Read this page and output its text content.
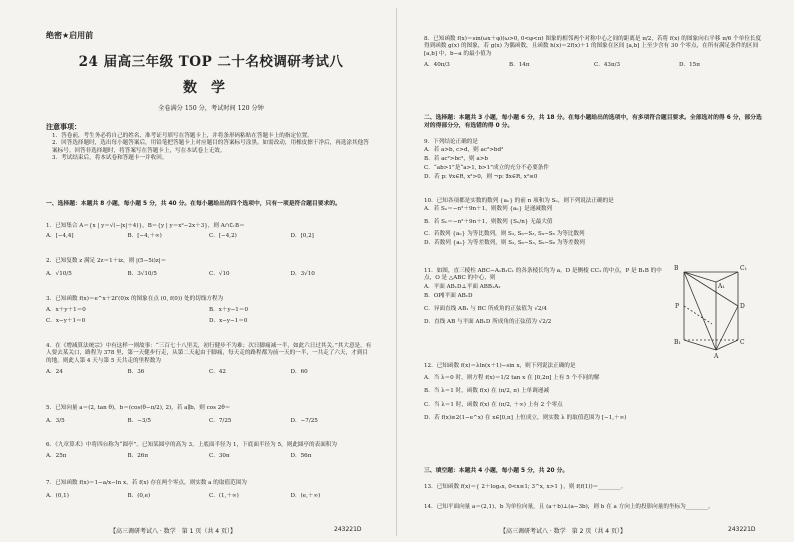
绝密★启用前
24 届高三年级 TOP 二十名校调研考试八
数学
全卷满分 150 分，考试时间 120 分钟
注意事项：
1．答卷前，考生务必将自己的姓名、准考证号填写在答题卡上，并将条形码粘贴在答题卡上的指定位置。
2．回答选择题时，选出每小题答案后，用铅笔把答题卡上对应题目的答案标号涂黑。如需改动，用橡皮擦干净后，再选涂其他答案标号。回答非选择题时，将答案写在答题卡上，写在本试卷上无效。
3．考试结束后，将本试卷和答题卡一并收回。
一、选择题：本题共 8 小题，每小题 5 分，共 40 分。在每小题给出的四个选项中，只有一项是符合题目要求的。
1．已知集合 A＝{x | y＝√(−|x|＋4)}，B＝{y | y＝x²−2x＋3}，则 A∩∁ᵣB＝
A．[−4,4]	B．[−4,＋∞)	C．[−4,2)	D．[0,2]
2．已知复数 z 满足 2z＝1＋iz，则 |(5−5i)z|＝
A．√10/5	B．3√10/5	C．√10	D．3√10
3．已知函数 f(x)＝e^x＋2f′(0)x 的图象在点 (0, f(0)) 处的切线方程为
A．x＋y＋1＝0	B．x＋y−1＝0
C．x−y＋1＝0	D．x−y−1＝0
4．在《增减算法统宗》中有这样一则故事：“三百七十八里关，初行健步不为难；次日脚痛减一半，如此六日过其关。”其大意是，有人要去某关口，路程为 378 里，第一天健步行走，从第二天起由于脚痛，每天走的路程都为前一天的一半，一共走了六天，才到目的地。则此人第 4 天与第 5 天共走的里程数为
A．24	B．36	C．42	D．60
5．已知向量 a＝(2, tan θ)，b＝(cos(θ−π/2), 2)，若 a∥b，则 cos 2θ＝
A．3/5	B．−3/5	C．7/25	D．−7/25
6．《九章算术》中将四台称为“圆亭”。已知某圆亭的高为 3，上底面半径为 1，下底面半径为 5，则此圆亭的表面积为
A．25π	B．26π	C．30π	D．56π
7．已知函数 f(x)＝1−a/x−ln x，若 f(x) 存在两个零点，则实数 a 的取值范围为
A．(0,1)	B．(0,e)	C．(1,＋∞)	D．(e,＋∞)
【高三调研考试八 · 数学　第 1 页（共 4 页）】	243221D
8．已知函数 f(x)＝sin(ωx＋φ)(ω>0, 0<φ<π) 图象的相邻两个对称中心之间的距离是 π/2，若将 f(x) 的图象向右平移 π/6 个单位长度得到函数 g(x) 的图象，若 g(x) 为偶函数，且函数 h(x)＝2f(x)＋1 的图象在区间 [a,b] 上至少含有 30 个零点，在所有满足条件的区间 [a,b] 中，b−a 的最小值为
A．40π/3	B．14π	C．43π/3	D．15π
二、选择题：本题共 3 小题，每小题 6 分，共 18 分。在每小题给出的选项中，有多项符合题目要求。全部选对的得 6 分，部分选对的得部分分，有选错的得 0 分。
9．下列结论正确的是
A．若 a>b, c>d，则 ac²>bd²
B．若 ac²>bc²，则 a>b
C．“ab>1”是“a>1, b>1”成立的充分不必要条件
D．若 p: ∀x∈R, x²>0，则 ¬p: ∃x∈R, x²≤0
10．已知各项都是实数的数列 {aₙ} 的前 n 项和为 Sₙ，则下列说法正确的是
A．若 Sₙ＝−n²＋9n＋1，则数列 {aₙ} 是递减数列
B．若 Sₙ＝−n²＋9n＋1，则数列 {Sₙ/n} 无最大值
C．若数列 {aₙ} 为等比数列，则 S₃, S₆−S₃, S₉−S₆ 为等比数列
D．若数列 {aₙ} 为等差数列，则 S₃, S₆−S₃, S₉−S₆ 为等差数列
11．如图，直三棱柱 ABC−A₁B₁C₁ 的各条棱长均为 a，D 是侧棱 CC₁ 的中点，P 是 B₁B 的中点，O 是 △ABC 的中心，则
A．平面 AB₁D⊥平面 ABB₁A₁
B．OP∥平面 AB₁D
C．异面直线 AB₁ 与 BC 所成角的正弦值为 √2/4
D．直线 AB 与平面 AB₁D 所成角的正弦值为 √2/2
B	C₁
A₁
B₁
D
C
A
P
12．已知函数 f(x)＝λln(x＋1)−sin x，则下列说法正确的是
A．当 λ＝0 时，则方程 f(x)＝1/2 tan x 在 [0,2π] 上有 5 个不同的解
B．当 λ＝1 时，函数 f(x) 在 (π/2, π) 上单调递减
C．当 λ＝1 时，函数 f(x) 在 (π/2, ＋∞) 上有 2 个零点
D．若 f(x)≥2(1−e^x) 在 x∈[0,π] 上恒成立，则实数 λ 的取值范围为 [−1,＋∞)
三、填空题：本题共 4 小题，每小题 5 分，共 20 分。
13．已知函数 f(x)＝{ 2＋log₃x, 0<x≤1; 3^x, x>1 }，则 f(f(1))＝________。
14．已知平面向量 a＝(2,1)，b 为单位向量，且 (a＋b)⊥(a−3b)，则 b 在 a 方向上的投影向量的坐标为________。
【高三调研考试八 · 数学　第 2 页（共 4 页）】	243221D
